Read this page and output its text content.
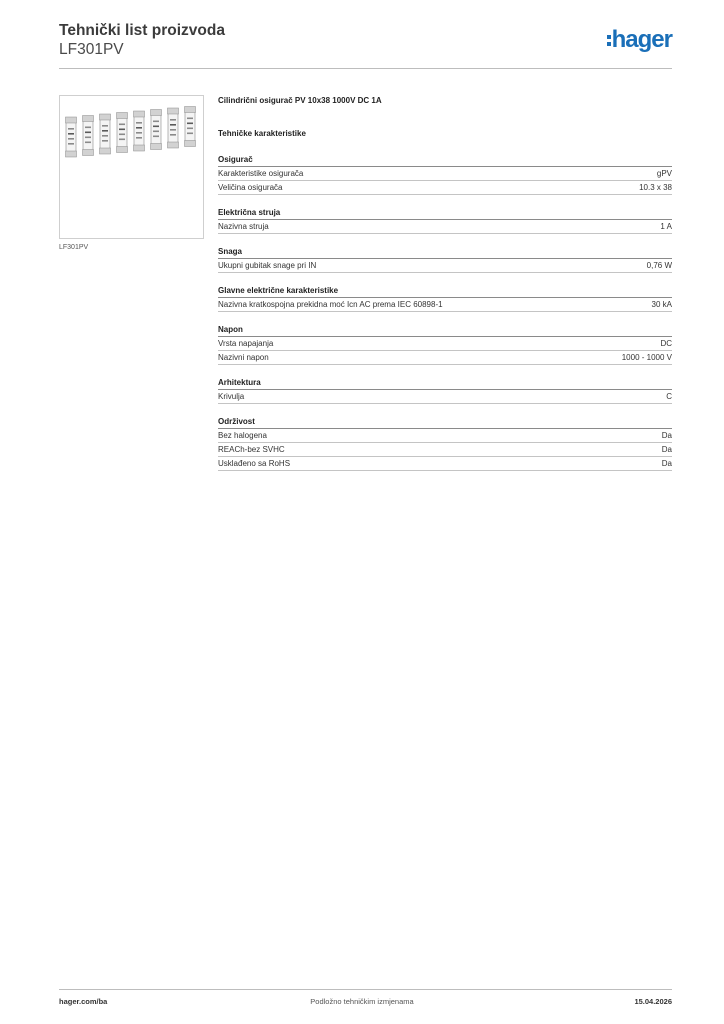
Tehnički list proizvoda
LF301PV	hager
LF301PV
Cilindrični osigurač PV 10x38 1000V DC 1A
Tehničke karakteristike
Osigurač
Karakteristike osigurača	gPV
Veličina osigurača	10.3 x 38
Električna struja
Nazivna struja	1 A
Snaga
Ukupni gubitak snage pri IN	0,76 W
Glavne električne karakteristike
Nazivna kratkospojna prekidna moć Icn AC prema IEC 60898-1	30 kA
Napon
Vrsta napajanja	DC
Nazivni napon	1000 - 1000 V
Arhitektura
Krivulja	C
Održivost
Bez halogena	Da
REACh-bez SVHC	Da
Usklađeno sa RoHS	Da
hager.com/ba	Podložno tehničkim izmjenama	15.04.2026
